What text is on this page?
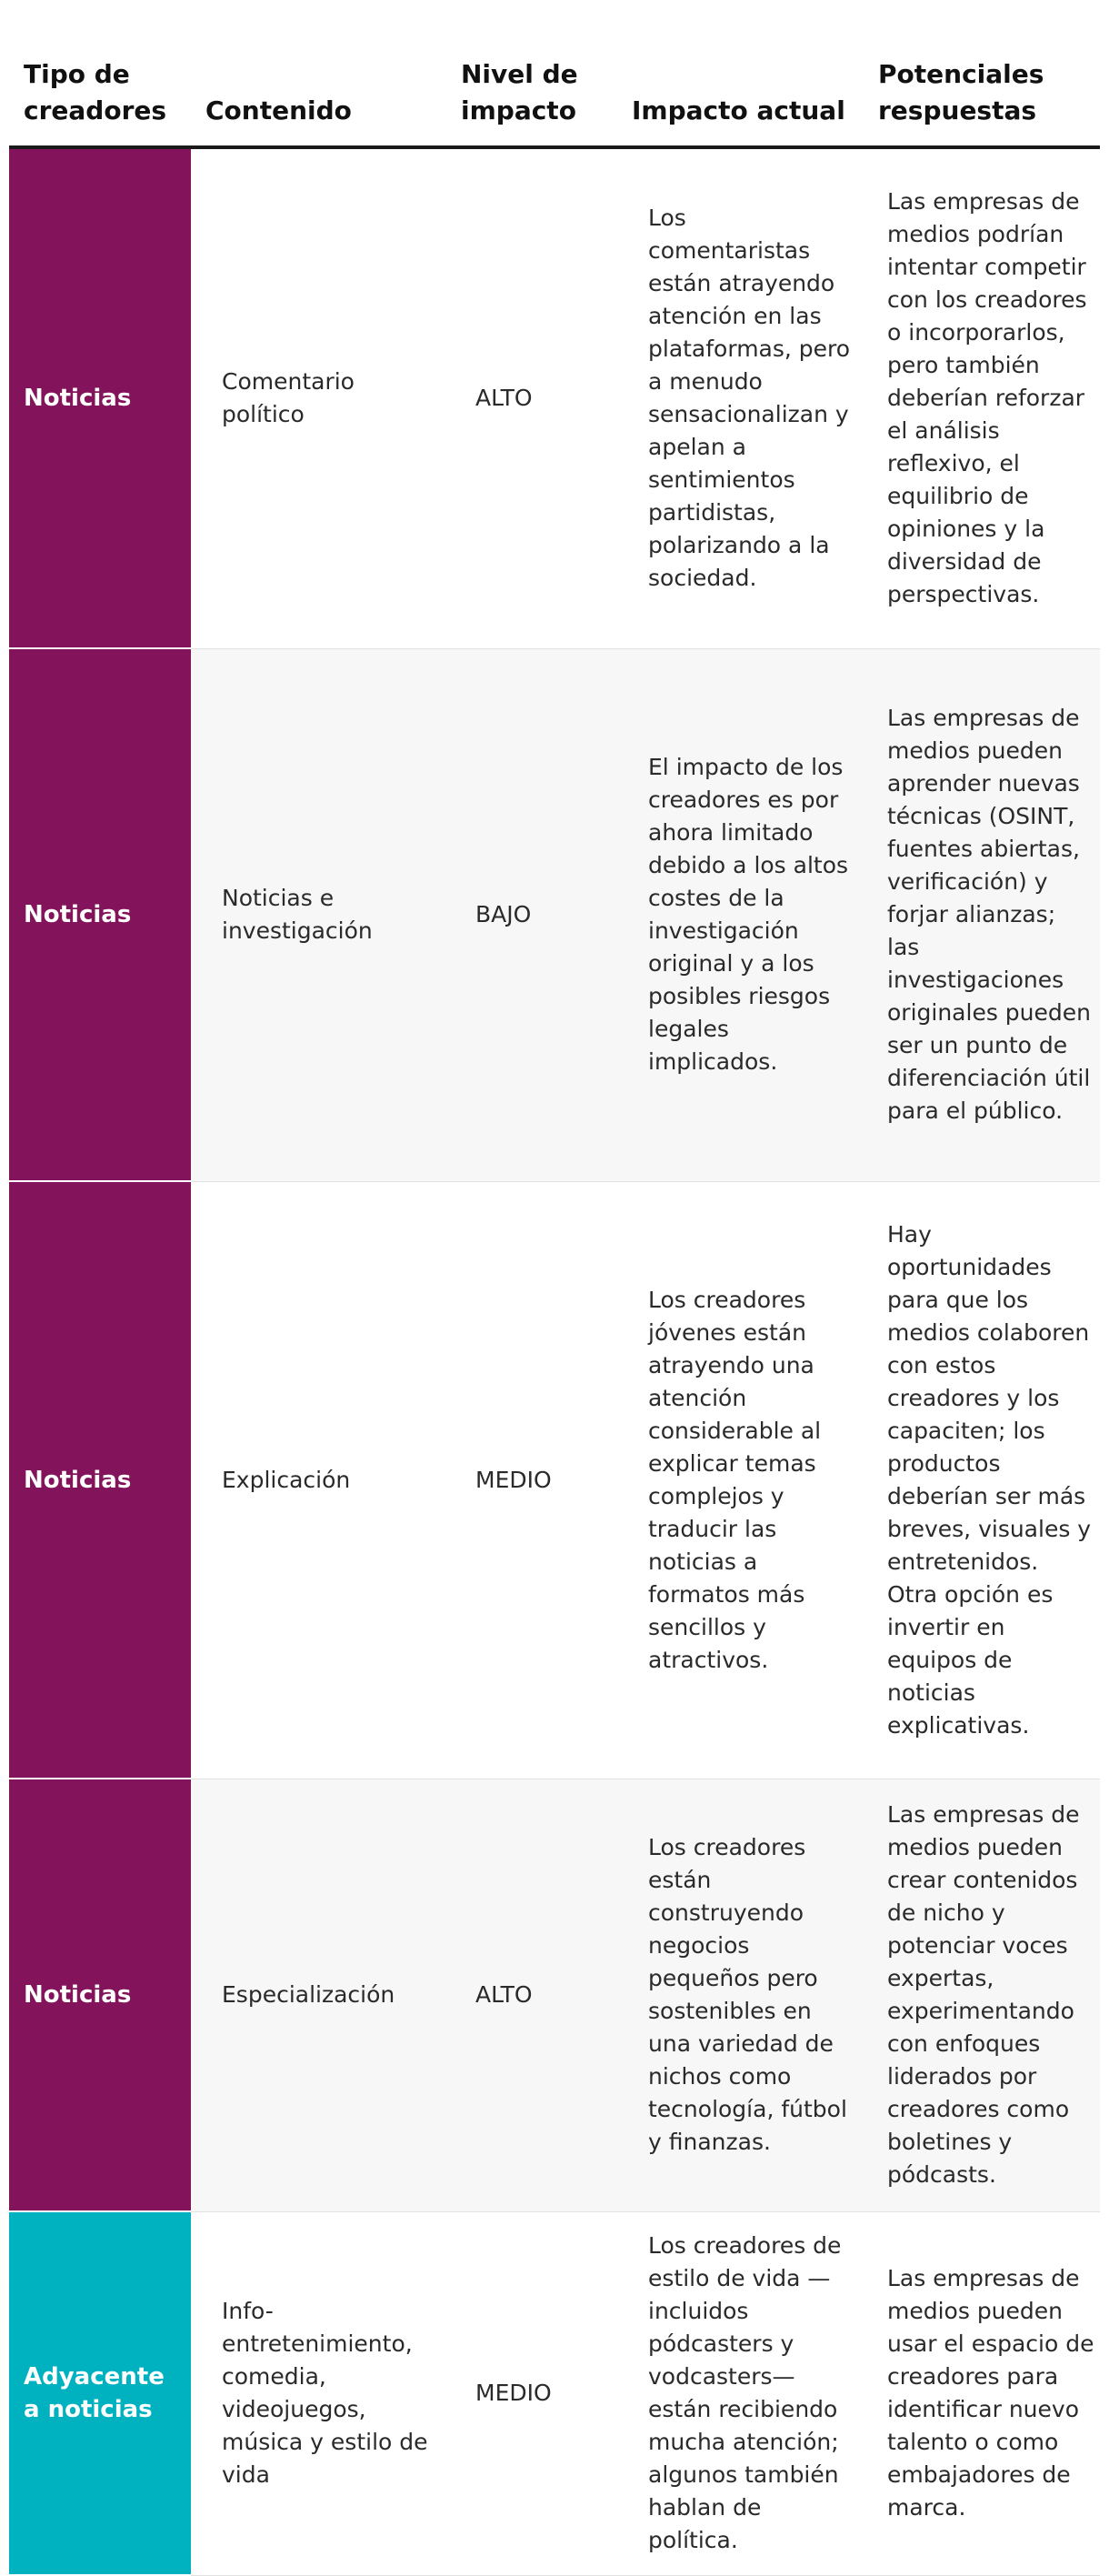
Tipo de creadores	Contenido	Nivel de impacto	Impacto actual	Potenciales respuestas
Noticias	Comentario político	ALTO	Los comentaristas están atrayendo atención en las plataformas, pero a menudo sensacionalizan y apelan a sentimientos partidistas, polarizando a la sociedad.	Las empresas de medios podrían intentar competir con los creadores o incorporarlos, pero también deberían reforzar el análisis reflexivo, el equilibrio de opiniones y la diversidad de perspectivas.
Noticias	Noticias e investigación	BAJO	El impacto de los creadores es por ahora limitado debido a los altos costes de la investigación original y a los posibles riesgos legales implicados.	Las empresas de medios pueden aprender nuevas técnicas (OSINT, fuentes abiertas, verificación) y forjar alianzas; las investigaciones originales pueden ser un punto de diferenciación útil para el público.
Noticias	Explicación	MEDIO	Los creadores jóvenes están atrayendo una atención considerable al explicar temas complejos y traducir las noticias a formatos más sencillos y atractivos.	Hay oportunidades para que los medios colaboren con estos creadores y los capaciten; los productos deberían ser más breves, visuales y entretenidos. Otra opción es invertir en equipos de noticias explicativas.
Noticias	Especialización	ALTO	Los creadores están construyendo negocios pequeños pero sostenibles en una variedad de nichos como tecnología, fútbol y finanzas.	Las empresas de medios pueden crear contenidos de nicho y potenciar voces expertas, experimentando con enfoques liderados por creadores como boletines y pódcasts.
Adyacente a noticias	Info-entretenimiento, comedia, videojuegos, música y estilo de vida	MEDIO	Los creadores de estilo de vida —incluidos pódcasters y vodcasters— están recibiendo mucha atención; algunos también hablan de política.	Las empresas de medios pueden usar el espacio de creadores para identificar nuevo talento o como embajadores de marca.
